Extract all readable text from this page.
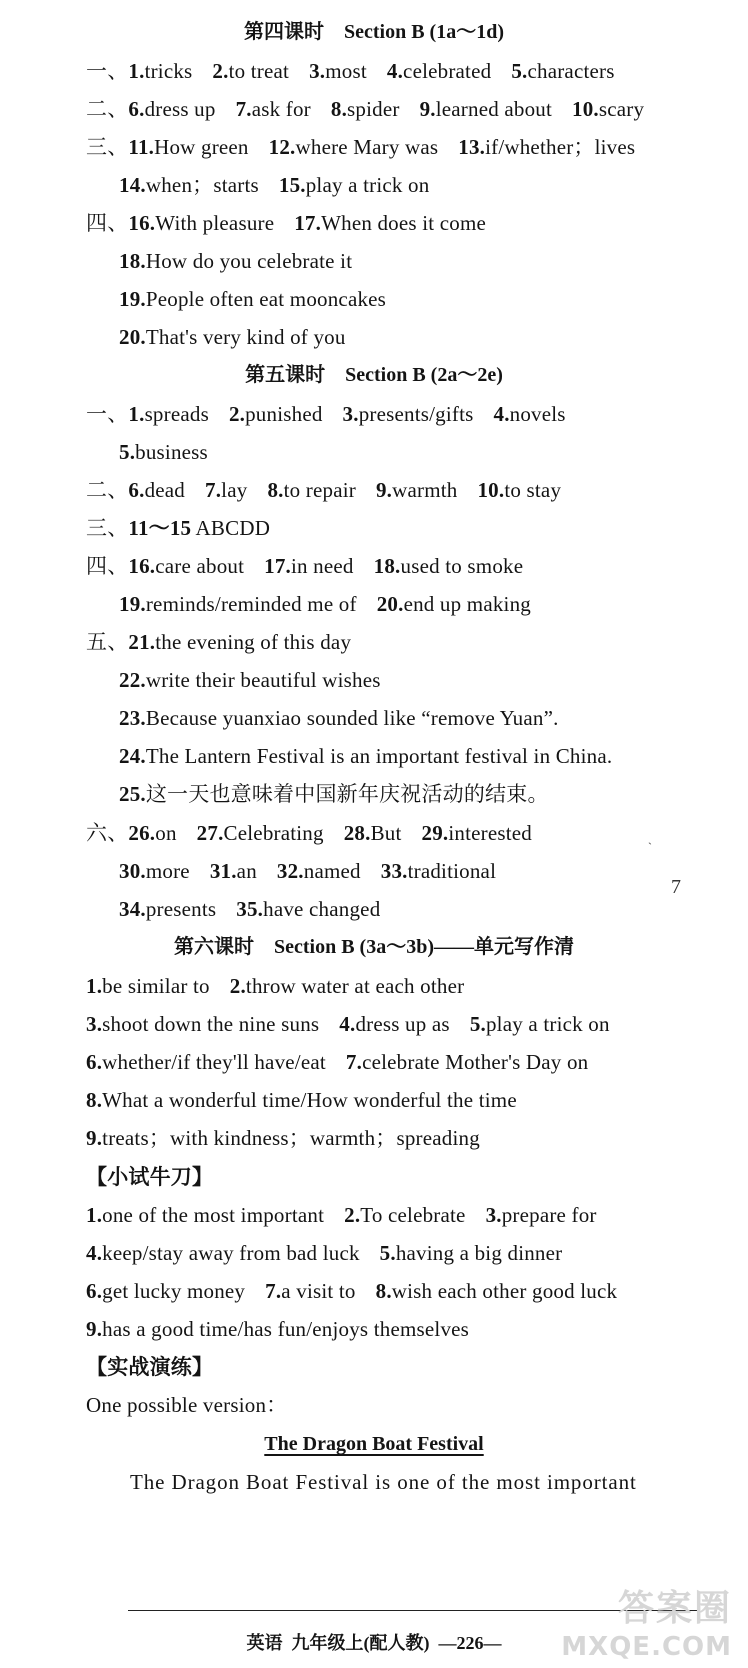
第四课时 Section B (1a～1d)
一、1.tricks 2.to treat 3.most 4.celebrated 5.characters
二、6.dress up 7.ask for 8.spider 9.learned about 10.scary
三、11.How green 12.where Mary was 13.if/whether；lives
14.when；starts 15.play a trick on
四、16.With pleasure 17.When does it come
18.How do you celebrate it
19.People often eat mooncakes
20.That's very kind of you
第五课时 Section B (2a～2e)
一、1.spreads 2.punished 3.presents/gifts 4.novels
5.business
二、6.dead 7.lay 8.to repair 9.warmth 10.to stay
三、11～15 ABCDD
四、16.care about 17.in need 18.used to smoke
19.reminds/reminded me of 20.end up making
五、21.the evening of this day
22.write their beautiful wishes
23.Because yuanxiao sounded like “remove Yuan”.
24.The Lantern Festival is an important festival in China.
25.这一天也意味着中国新年庆祝活动的结束。
六、26.on 27.Celebrating 28.But 29.interested
30.more 31.an 32.named 33.traditional
34.presents 35.have changed
第六课时 Section B (3a～3b)——单元写作清
1.be similar to 2.throw water at each other
3.shoot down the nine suns 4.dress up as 5.play a trick on
6.whether/if they'll have/eat 7.celebrate Mother's Day on
8.What a wonderful time/How wonderful the time
9.treats；with kindness；warmth；spreading
【小试牛刀】
1.one of the most important 2.To celebrate 3.prepare for
4.keep/stay away from bad luck 5.having a big dinner
6.get lucky money 7.a visit to 8.wish each other good luck
9.has a good time/has fun/enjoys themselves
【实战演练】
One possible version：
The Dragon Boat Festival
The Dragon Boat Festival is one of the most important
英语 九年级上(配人教) —226—
7
`
答案圈
MXQE.COM
